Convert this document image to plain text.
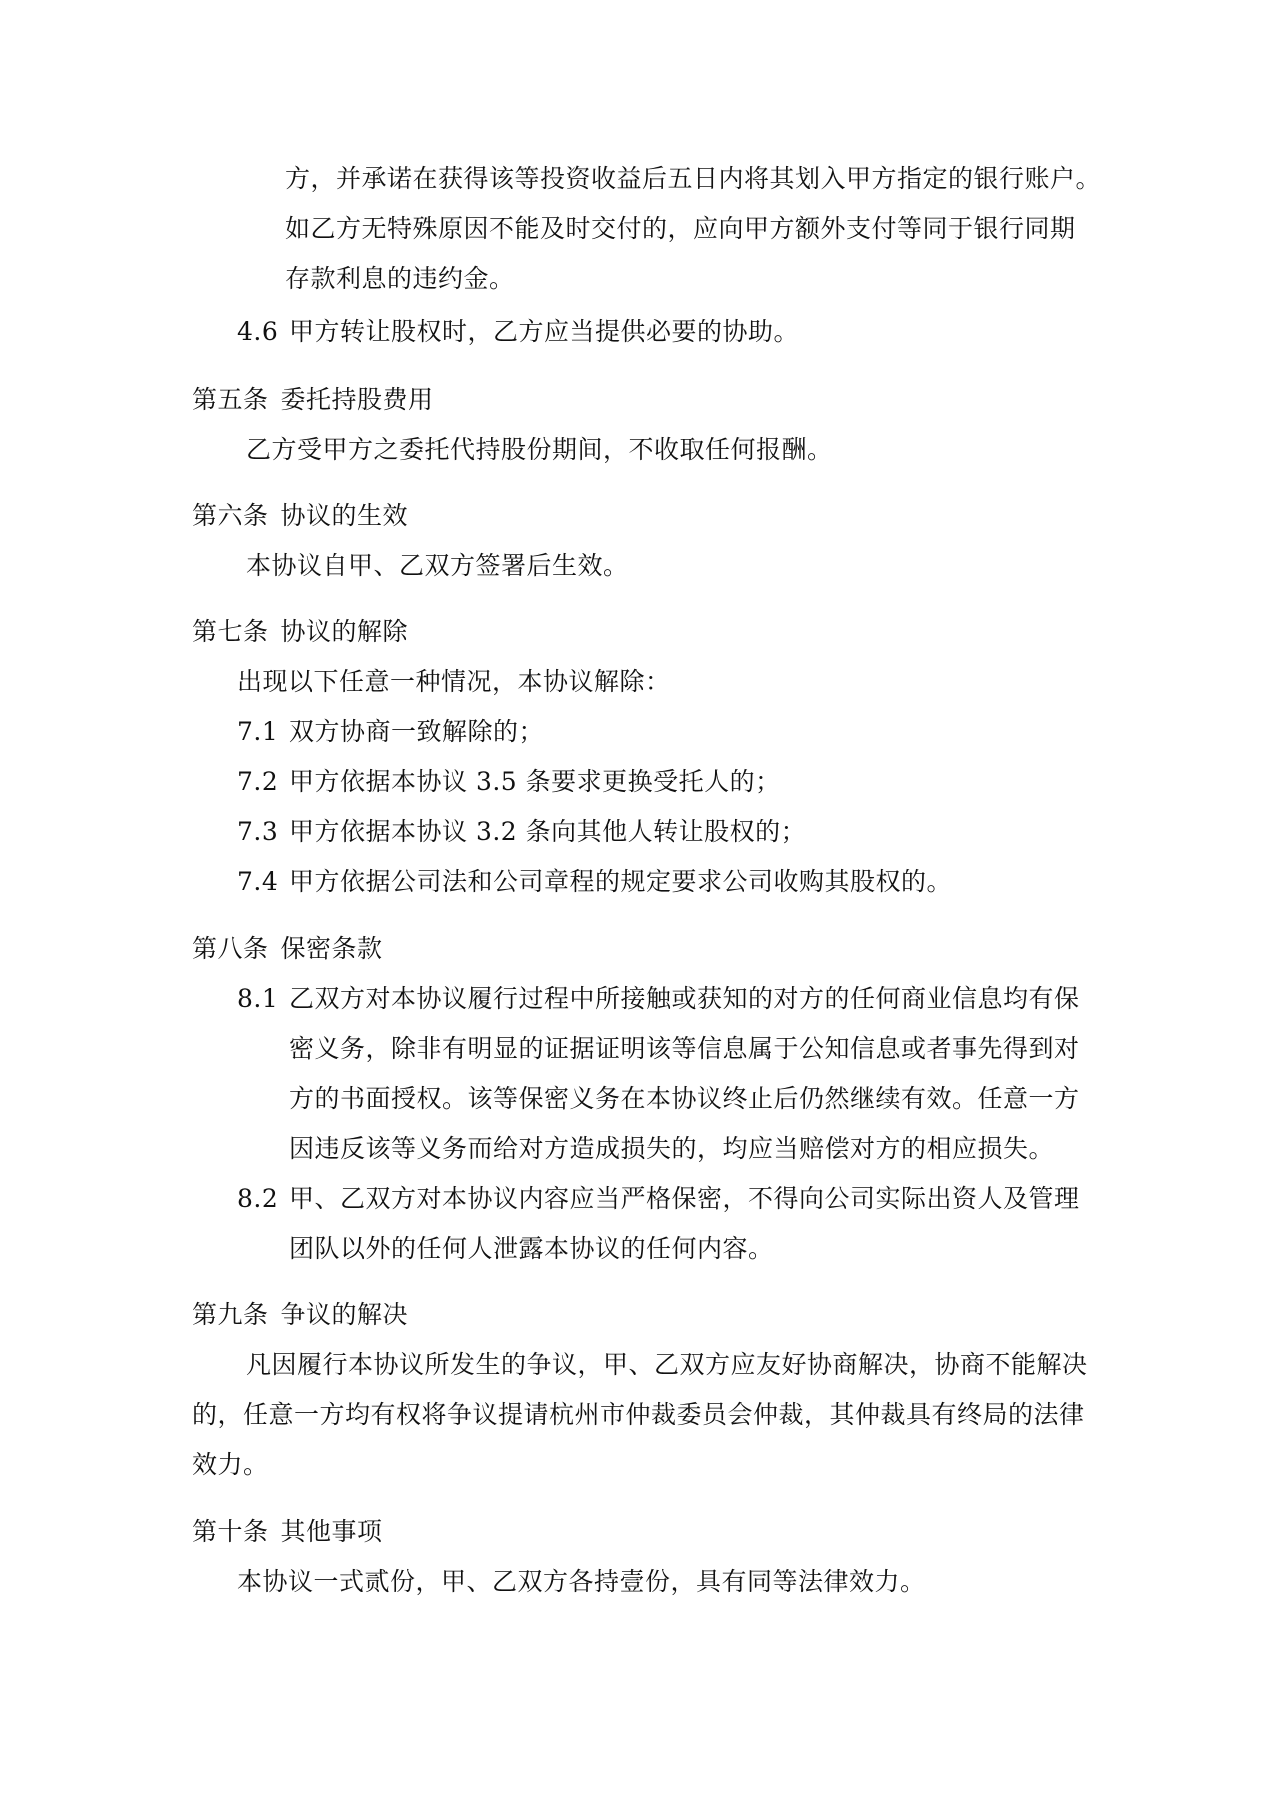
方，并承诺在获得该等投资收益后五日内将其划入甲方指定的银行账户。
如乙方无特殊原因不能及时交付的，应向甲方额外支付等同于银行同期
存款利息的违约金。
4.6 甲方转让股权时，乙方应当提供必要的协助。
第五条 委托持股费用
乙方受甲方之委托代持股份期间，不收取任何报酬。
第六条 协议的生效
本协议自甲、乙双方签署后生效。
第七条 协议的解除
出现以下任意一种情况，本协议解除：
7.1 双方协商一致解除的；
7.2 甲方依据本协议 3.5 条要求更换受托人的；
7.3 甲方依据本协议 3.2 条向其他人转让股权的；
7.4 甲方依据公司法和公司章程的规定要求公司收购其股权的。
第八条 保密条款
8.1 乙双方对本协议履行过程中所接触或获知的对方的任何商业信息均有保
密义务，除非有明显的证据证明该等信息属于公知信息或者事先得到对
方的书面授权。该等保密义务在本协议终止后仍然继续有效。任意一方
因违反该等义务而给对方造成损失的，均应当赔偿对方的相应损失。
8.2 甲、乙双方对本协议内容应当严格保密，不得向公司实际出资人及管理
团队以外的任何人泄露本协议的任何内容。
第九条 争议的解决
凡因履行本协议所发生的争议，甲、乙双方应友好协商解决，协商不能解决
的，任意一方均有权将争议提请杭州市仲裁委员会仲裁，其仲裁具有终局的法律
效力。
第十条 其他事项
本协议一式贰份，甲、乙双方各持壹份，具有同等法律效力。
